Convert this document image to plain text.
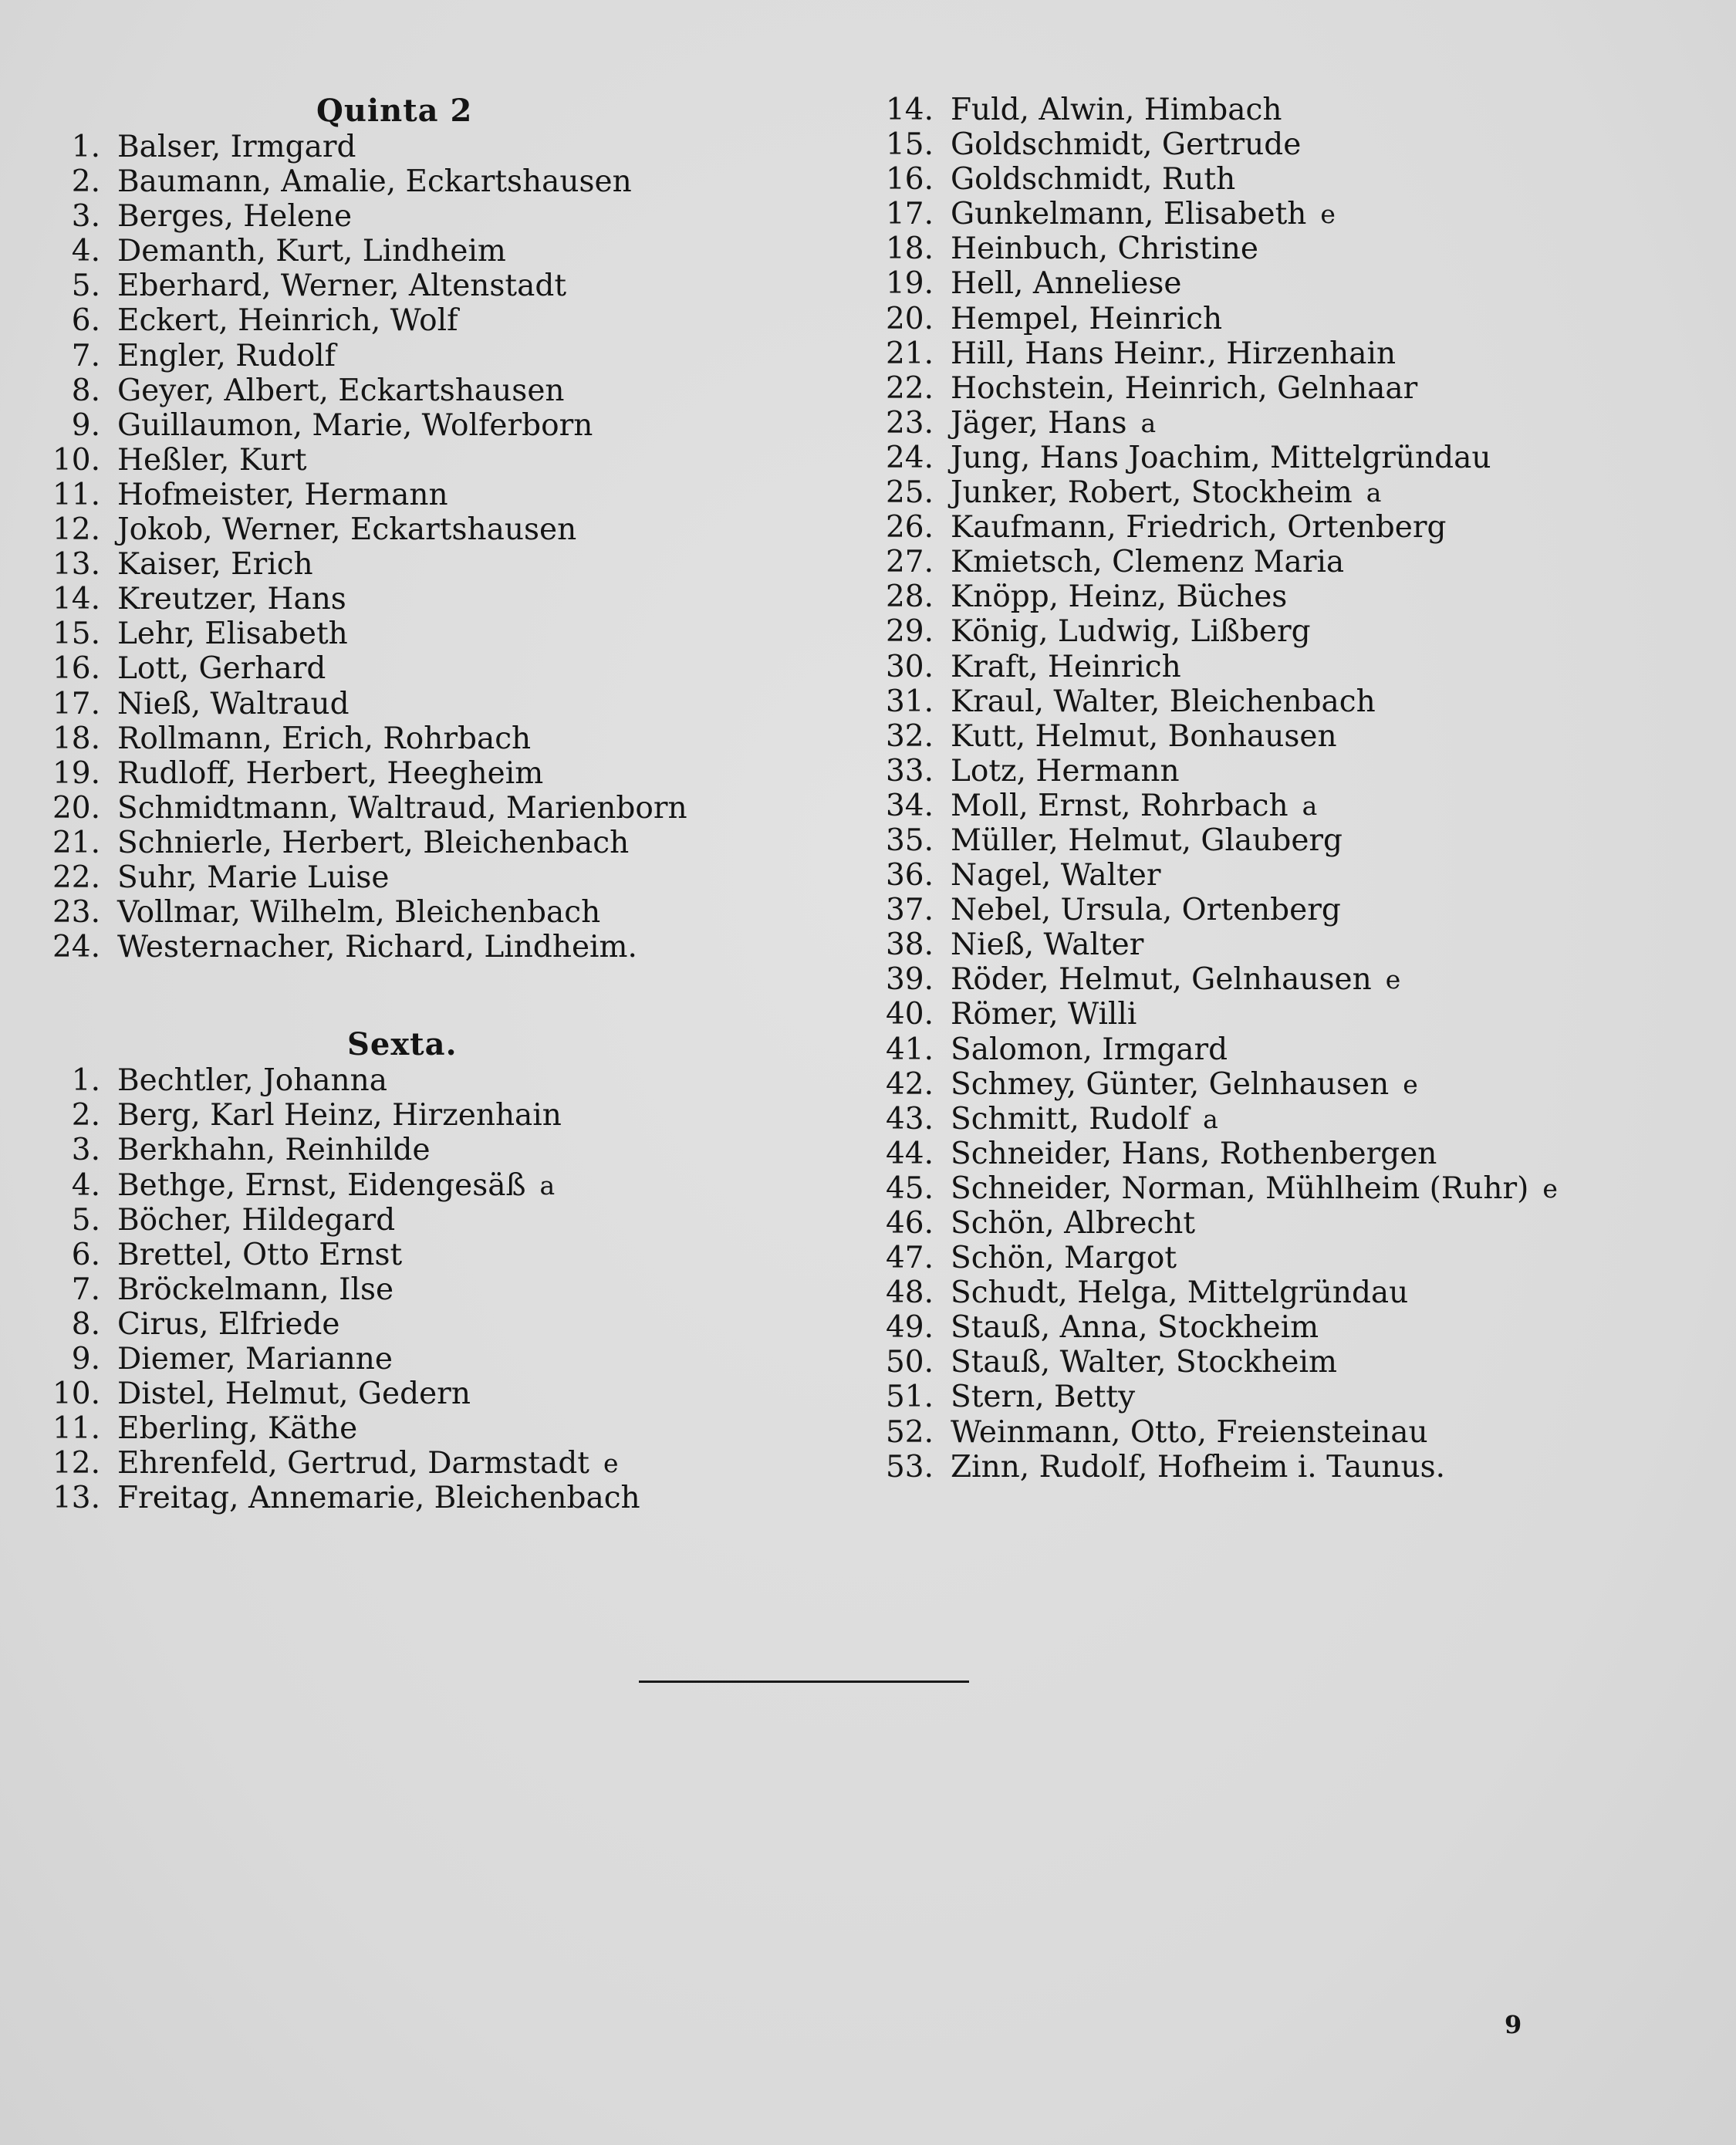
Quinta 2
1. Balser, Irmgard
2. Baumann, Amalie, Eckartshausen
3. Berges, Helene
4. Demanth, Kurt, Lindheim
5. Eberhard, Werner, Altenstadt
6. Eckert, Heinrich, Wolf
7. Engler, Rudolf
8. Geyer, Albert, Eckartshausen
9. Guillaumon, Marie, Wolferborn
10. Heßler, Kurt
11. Hofmeister, Hermann
12. Jokob, Werner, Eckartshausen
13. Kaiser, Erich
14. Kreutzer, Hans
15. Lehr, Elisabeth
16. Lott, Gerhard
17. Nieß, Waltraud
18. Rollmann, Erich, Rohrbach
19. Rudloff, Herbert, Heegheim
20. Schmidtmann, Waltraud, Marienborn
21. Schnierle, Herbert, Bleichenbach
22. Suhr, Marie Luise
23. Vollmar, Wilhelm, Bleichenbach
24. Westernacher, Richard, Lindheim.
Sexta.
1. Bechtler, Johanna
2. Berg, Karl Heinz, Hirzenhain
3. Berkhahn, Reinhilde
4. Bethge, Ernst, Eidengesäß a
5. Böcher, Hildegard
6. Brettel, Otto Ernst
7. Bröckelmann, Ilse
8. Cirus, Elfriede
9. Diemer, Marianne
10. Distel, Helmut, Gedern
11. Eberling, Käthe
12. Ehrenfeld, Gertrud, Darmstadt e
13. Freitag, Annemarie, Bleichenbach
14. Fuld, Alwin, Himbach
15. Goldschmidt, Gertrude
16. Goldschmidt, Ruth
17. Gunkelmann, Elisabeth e
18. Heinbuch, Christine
19. Hell, Anneliese
20. Hempel, Heinrich
21. Hill, Hans Heinr., Hirzenhain
22. Hochstein, Heinrich, Gelnhaar
23. Jäger, Hans a
24. Jung, Hans Joachim, Mittelgründau
25. Junker, Robert, Stockheim a
26. Kaufmann, Friedrich, Ortenberg
27. Kmietsch, Clemenz Maria
28. Knöpp, Heinz, Büches
29. König, Ludwig, Lißberg
30. Kraft, Heinrich
31. Kraul, Walter, Bleichenbach
32. Kutt, Helmut, Bonhausen
33. Lotz, Hermann
34. Moll, Ernst, Rohrbach a
35. Müller, Helmut, Glauberg
36. Nagel, Walter
37. Nebel, Ursula, Ortenberg
38. Nieß, Walter
39. Röder, Helmut, Gelnhausen e
40. Römer, Willi
41. Salomon, Irmgard
42. Schmey, Günter, Gelnhausen e
43. Schmitt, Rudolf a
44. Schneider, Hans, Rothenbergen
45. Schneider, Norman, Mühlheim (Ruhr) e
46. Schön, Albrecht
47. Schön, Margot
48. Schudt, Helga, Mittelgründau
49. Stauß, Anna, Stockheim
50. Stauß, Walter, Stockheim
51. Stern, Betty
52. Weinmann, Otto, Freiensteinau
53. Zinn, Rudolf, Hofheim i. Taunus.
9
